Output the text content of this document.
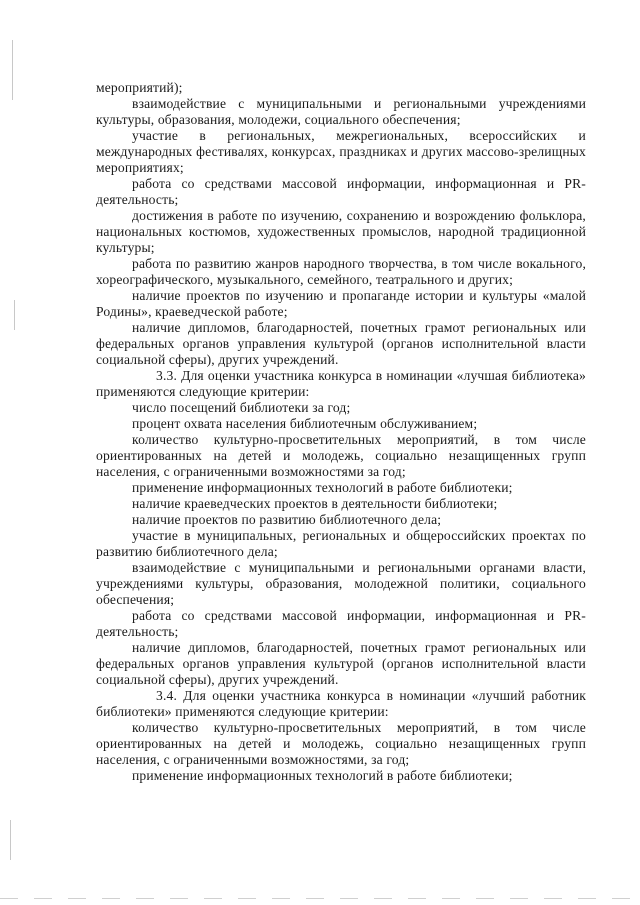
мероприятий);

взаимодействие с муниципальными и региональными учреждениями культуры, образования, молодежи, социального обеспечения;

участие в региональных, межрегиональных, всероссийских и международных фестивалях, конкурсах, праздниках и других массово-зрелищных мероприятиях;

работа со средствами массовой информации, информационная и PR-деятельность;

достижения в работе по изучению, сохранению и возрождению фольклора, национальных костюмов, художественных промыслов, народной традиционной культуры;

работа по развитию жанров народного творчества, в том числе вокального, хореографического, музыкального, семейного, театрального и других;

наличие проектов по изучению и пропаганде истории и культуры «малой Родины», краеведческой работе;

наличие дипломов, благодарностей, почетных грамот региональных или федеральных органов управления культурой (органов исполнительной власти социальной сферы), других учреждений.

3.3. Для оценки участника конкурса в номинации «лучшая библиотека» применяются следующие критерии:

число посещений библиотеки за год;

процент охвата населения библиотечным обслуживанием;

количество культурно-просветительных мероприятий, в том числе ориентированных на детей и молодежь, социально незащищенных групп населения, с ограниченными возможностями за год;

применение информационных технологий в работе библиотеки;

наличие краеведческих проектов в деятельности библиотеки;

наличие проектов по развитию библиотечного дела;

участие в муниципальных, региональных и общероссийских проектах по развитию библиотечного дела;

взаимодействие с муниципальными и региональными органами власти, учреждениями культуры, образования, молодежной политики, социального обеспечения;

работа со средствами массовой информации, информационная и PR-деятельность;

наличие дипломов, благодарностей, почетных грамот региональных или федеральных органов управления культурой (органов исполнительной власти социальной сферы), других учреждений.

3.4. Для оценки участника конкурса в номинации «лучший работник библиотеки» применяются следующие критерии:

количество культурно-просветительных мероприятий, в том числе ориентированных на детей и молодежь, социально незащищенных групп населения, с ограниченными возможностями, за год;

применение информационных технологий в работе библиотеки;
